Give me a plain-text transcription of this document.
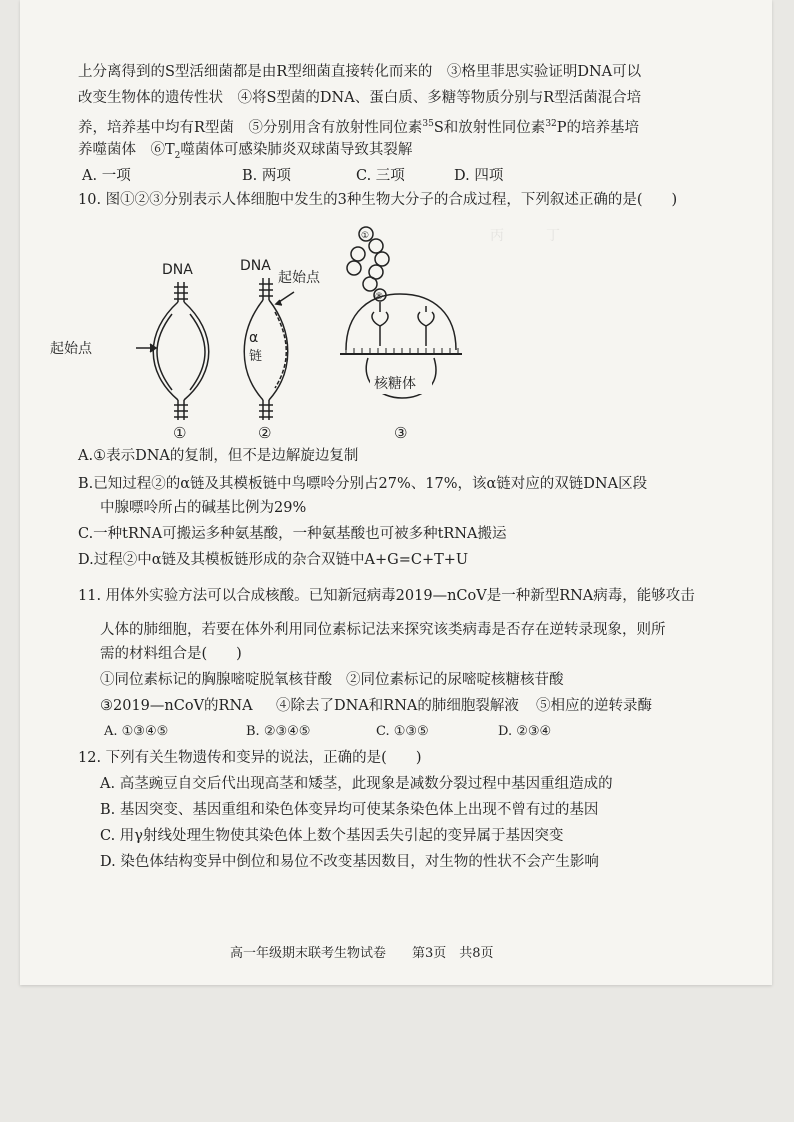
丙　　　丁
上分离得到的S型活细菌都是由R型细菌直接转化而来的　 ③格里菲思实验证明DNA可以
改变生物体的遗传性状　④将S型菌的DNA、蛋白质、多糖等物质分别与R型活菌混合培
养，培养基中均有R型菌　⑤分别用含有放射性同位素$^{35}$S和放射性同位素$^{32}$P的培养基培
养噬菌体　$⑥T_2$噬菌体可感染肺炎双球菌导致其裂解
A. 一项	B. 两项	C. 三项	D. 四项
10. 图①②③分别表示人体细胞中发生的3种生物大分子的合成过程，下列叙述正确的是(　　)
DNA	DNA
起始点
起始点
α
链
核糖体
①	②	③
①
⑧
A.①表示DNA的复制，但不是边解旋边复制
B.已知过程②的α链及其模板链中鸟嘌呤分别占27%、17%，该α链对应的双链DNA区段
中腺嘌呤所占的碱基比例为29%
C.一种tRNA可搬运多种氨基酸，一种氨基酸也可被多种tRNA搬运
D.过程②中α链及其模板链形成的杂合双链中A+G=C+T+U
11. 用体外实验方法可以合成核酸。已知新冠病毒2019—nCoV是一种新型RNA病毒，能够攻击
人体的肺细胞，若要在体外利用同位素标记法来探究该类病毒是否存在逆转录现象，则所
需的材料组合是(　　)
①同位素标记的胸腺嘧啶脱氧核苷酸 ②同位素标记的尿嘧啶核糖核苷酸
③2019—nCoV的RNA ④除去了DNA和RNA的肺细胞裂解液 ⑤相应的逆转录酶
A. ①③④⑤	B. ②③④⑤	C. ①③⑤	D. ②③④
12. 下列有关生物遗传和变异的说法，正确的是(　　)
A. 高茎豌豆自交后代出现高茎和矮茎，此现象是减数分裂过程中基因重组造成的
B. 基因突变、基因重组和染色体变异均可使某条染色体上出现不曾有过的基因
C. 用γ射线处理生物使其染色体上数个基因丢失引起的变异属于基因突变
D. 染色体结构变异中倒位和易位不改变基因数目，对生物的性状不会产生影响
高一年级期末联考生物试卷　　第3页　共8页
